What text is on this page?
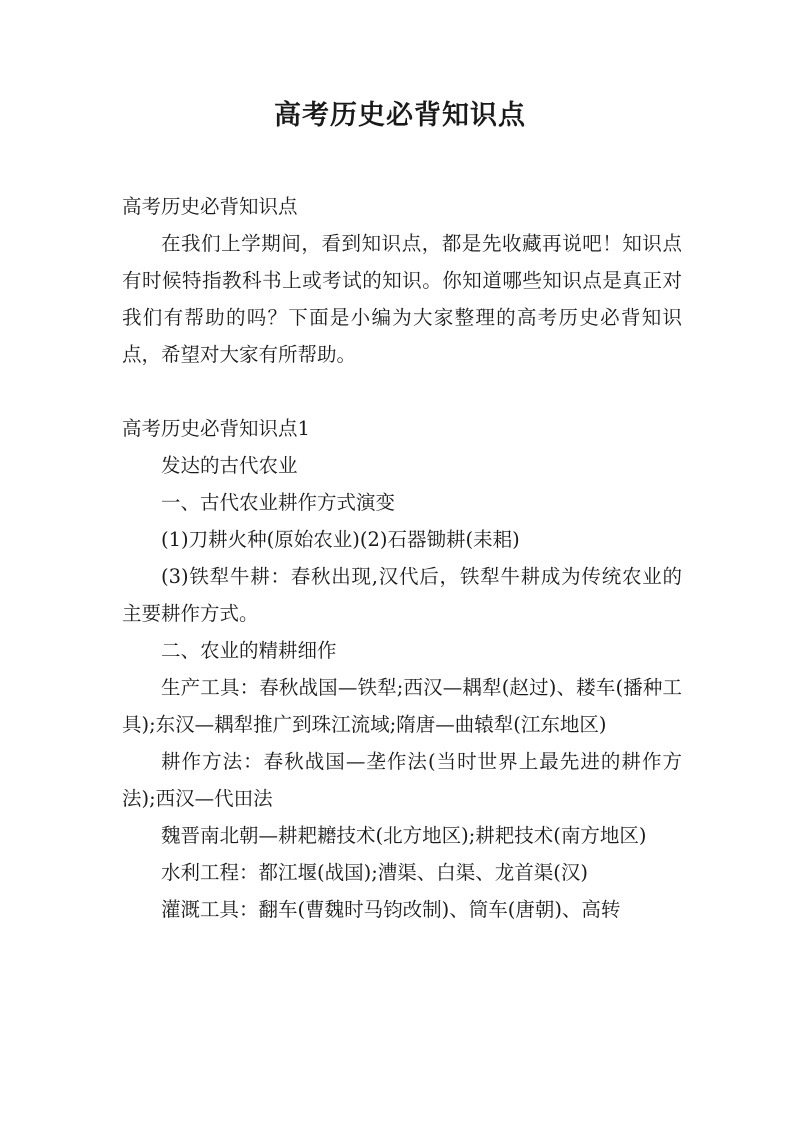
高考历史必背知识点

高考历史必背知识点

在我们上学期间，看到知识点，都是先收藏再说吧！知识点有时候特指教科书上或考试的知识。你知道哪些知识点是真正对我们有帮助的吗？下面是小编为大家整理的高考历史必背知识点，希望对大家有所帮助。

高考历史必背知识点1

发达的古代农业

一、古代农业耕作方式演变

(1)刀耕火种(原始农业)(2)石器锄耕(耒耜)

(3)铁犁牛耕：春秋出现,汉代后，铁犁牛耕成为传统农业的主要耕作方式。

二、农业的精耕细作

生产工具：春秋战国—铁犁;西汉—耦犁(赵过)、耧车(播种工具);东汉—耦犁推广到珠江流域;隋唐—曲辕犁(江东地区)

耕作方法：春秋战国—垄作法(当时世界上最先进的耕作方法);西汉—代田法

魏晋南北朝—耕耙耱技术(北方地区);耕耙技术(南方地区)

水利工程：都江堰(战国);漕渠、白渠、龙首渠(汉)

灌溉工具：翻车(曹魏时马钧改制)、筒车(唐朝)、高转
